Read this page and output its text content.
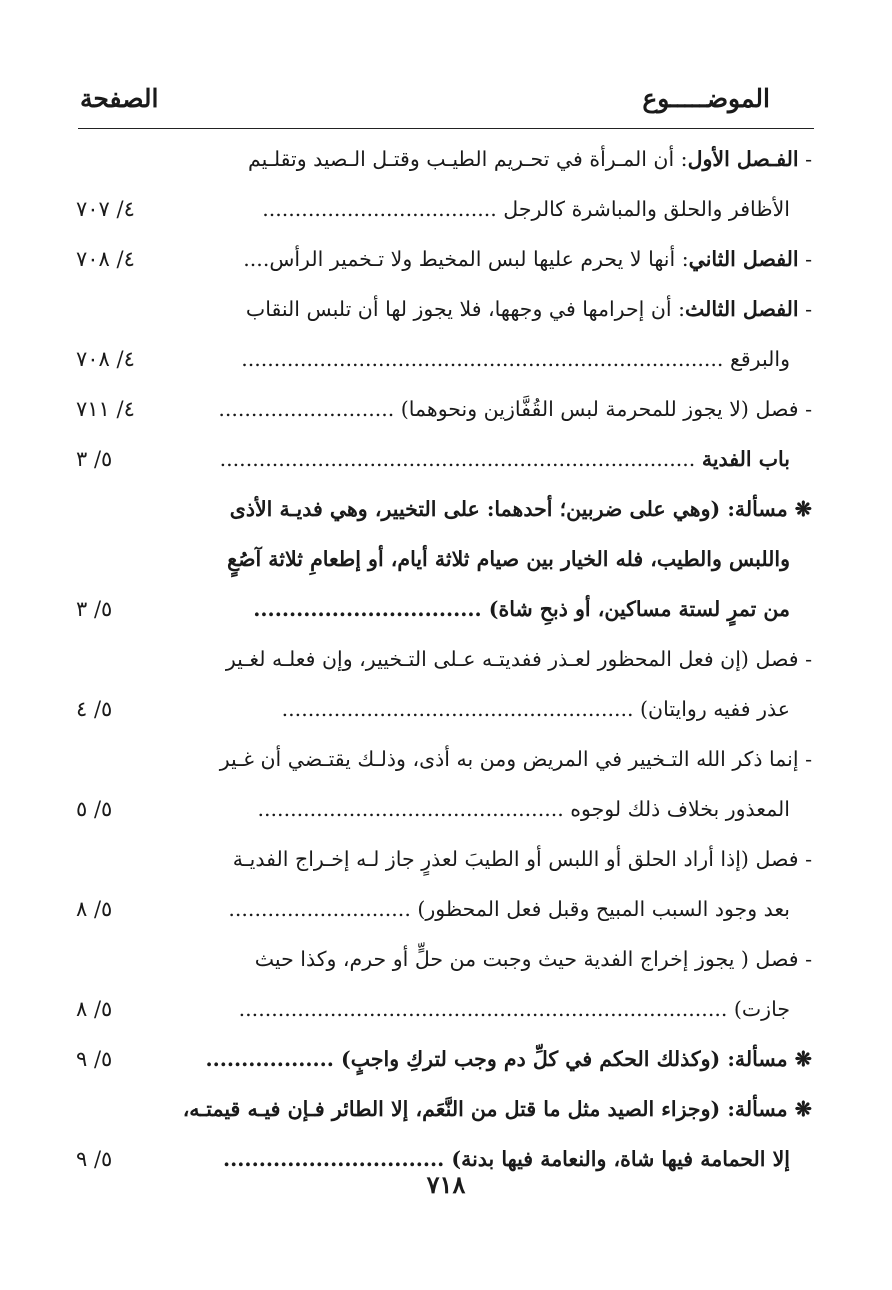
الموضـــــوع
الصفحة
- الفـصل الأول: أن المـرأة في تحـريم الطيـب وقتـل الـصيد وتقلـيم
الأظافر والحلق والمباشرة كالرجل ....................................
٤/ ٧٠٧
- الفصل الثاني: أنها لا يحرم عليها لبس المخيط ولا تـخمير الرأس....
٤/ ٧٠٨
- الفصل الثالث: أن إحرامها في وجهها، فلا يجوز لها أن تلبس النقاب
والبرقع ..........................................................................
٤/ ٧٠٨
- فصل (لا يجوز للمحرمة لبس القُفَّازين ونحوهما) ...........................
٤/ ٧١١
باب الفدية .........................................................................
٥/ ٣
❋ مسألة: (وهي على ضربين؛ أحدهما: على التخيير، وهي فديـة الأذى
واللبس والطيب، فله الخيار بين صيام ثلاثة أيام، أو إطعامِ ثلاثة آصُعٍ
من تمرٍ لستة مساكين، أو ذبحِ شاة) ................................
٥/ ٣
- فصل (إن فعل المحظور لعـذر ففديتـه عـلى التـخيير، وإن فعلـه لغـير
عذر ففيه روايتان) ......................................................
٥/ ٤
- إنما ذكر الله التـخيير في المريض ومن به أذى، وذلـك يقتـضي أن غـير
المعذور بخلاف ذلك لوجوه ...............................................
٥/ ٥
- فصل (إذا أراد الحلق أو اللبس أو الطيبَ لعذرٍ جاز لـه إخـراج الفديـة
بعد وجود السبب المبيح وقبل فعل المحظور) ............................
٥/ ٨
- فصل ( يجوز إخراج الفدية حيث وجبت من حلٍّ أو حرم، وكذا حيث
جازت) ...........................................................................
٥/ ٨
❋ مسألة: (وكذلك الحكم في كلِّ دم وجب لتركِ واجبٍ) ..................
٥/ ٩
❋ مسألة: (وجزاء الصيد مثل ما قتل من النَّعَم، إلا الطائر فـإن فيـه قيمتـه،
إلا الحمامة فيها شاة، والنعامة فيها بدنة) ...............................
٥/ ٩
٧١٨
